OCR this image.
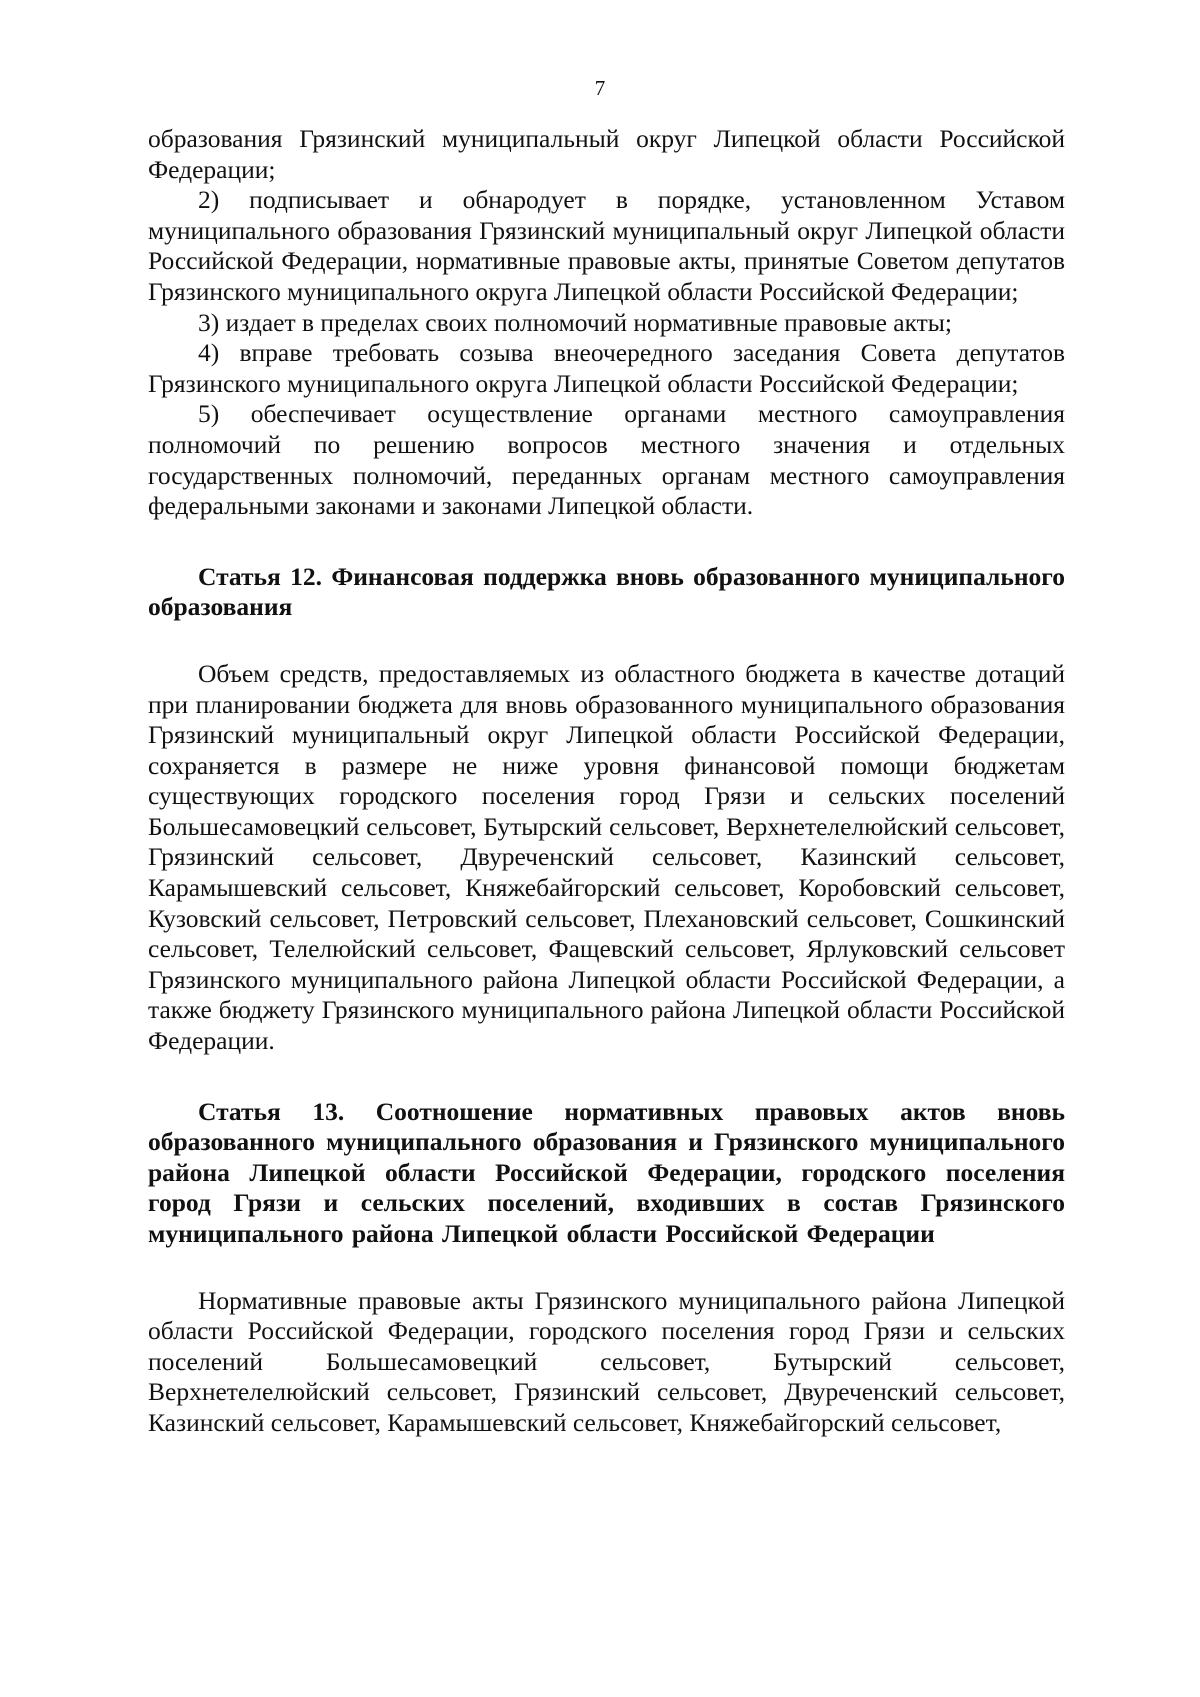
7

образования Грязинский муниципальный округ Липецкой области Российской Федерации;

2) подписывает и обнародует в порядке, установленном Уставом муниципального образования Грязинский муниципальный округ Липецкой области Российской Федерации, нормативные правовые акты, принятые Советом депутатов Грязинского муниципального округа Липецкой области Российской Федерации;

3) издает в пределах своих полномочий нормативные правовые акты;

4) вправе требовать созыва внеочередного заседания Совета депутатов Грязинского муниципального округа Липецкой области Российской Федерации;

5) обеспечивает осуществление органами местного самоуправления полномочий по решению вопросов местного значения и отдельных государственных полномочий, переданных органам местного самоуправления федеральными законами и законами Липецкой области.

Статья 12. Финансовая поддержка вновь образованного муниципального образования

Объем средств, предоставляемых из областного бюджета в качестве дотаций при планировании бюджета для вновь образованного муниципального образования Грязинский муниципальный округ Липецкой области Российской Федерации, сохраняется в размере не ниже уровня финансовой помощи бюджетам существующих городского поселения город Грязи и сельских поселений Большесамовецкий сельсовет, Бутырский сельсовет, Верхнетелелюйский сельсовет, Грязинский сельсовет, Двуреченский сельсовет, Казинский сельсовет, Карамышевский сельсовет, Княжебайгорский сельсовет, Коробовский сельсовет, Кузовский сельсовет, Петровский сельсовет, Плехановский сельсовет, Сошкинский сельсовет, Телелюйский сельсовет, Фащевский сельсовет, Ярлуковский сельсовет Грязинского муниципального района Липецкой области Российской Федерации, а также бюджету Грязинского муниципального района Липецкой области Российской Федерации.

Статья 13. Соотношение нормативных правовых актов вновь образованного муниципального образования и Грязинского муниципального района Липецкой области Российской Федерации, городского поселения город Грязи и сельских поселений, входивших в состав Грязинского муниципального района Липецкой области Российской Федерации

Нормативные правовые акты Грязинского муниципального района Липецкой области Российской Федерации, городского поселения город Грязи и сельских поселений Большесамовецкий сельсовет, Бутырский сельсовет, Верхнетелелюйский сельсовет, Грязинский сельсовет, Двуреченский сельсовет, Казинский сельсовет, Карамышевский сельсовет, Княжебайгорский сельсовет,
